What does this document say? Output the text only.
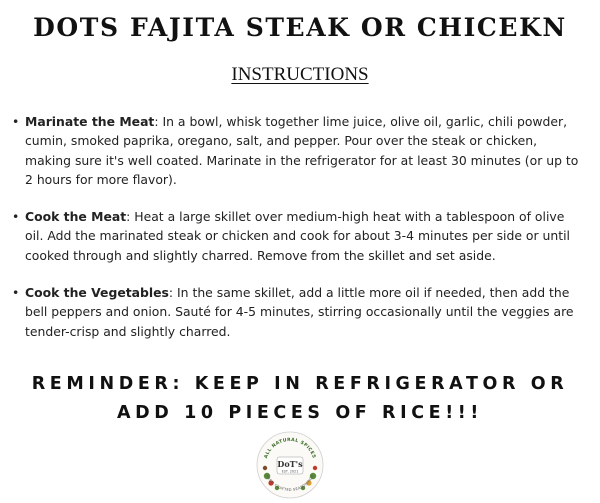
DOTS FAJITA STEAK OR CHICEKN
INSTRUCTIONS
• Marinate the Meat: In a bowl, whisk together lime juice, olive oil, garlic, chili powder, cumin, smoked paprika, oregano, salt, and pepper. Pour over the steak or chicken, making sure it's well coated. Marinate in the refrigerator for at least 30 minutes (or up to 2 hours for more flavor).
• Cook the Meat: Heat a large skillet over medium-high heat with a tablespoon of olive oil. Add the marinated steak or chicken and cook for about 3-4 minutes per side or until cooked through and slightly charred. Remove from the skillet and set aside.
• Cook the Vegetables: In the same skillet, add a little more oil if needed, then add the bell peppers and onion. Sauté for 4-5 minutes, stirring occasionally until the veggies are tender-crisp and slightly charred.
REMINDER: KEEP IN REFRIGERATOR OR
ADD 10 PIECES OF RICE!!!
ALL NATURAL SPICES
HAND CRAFTED SEASONINGS
DoT's
EST. 2021
